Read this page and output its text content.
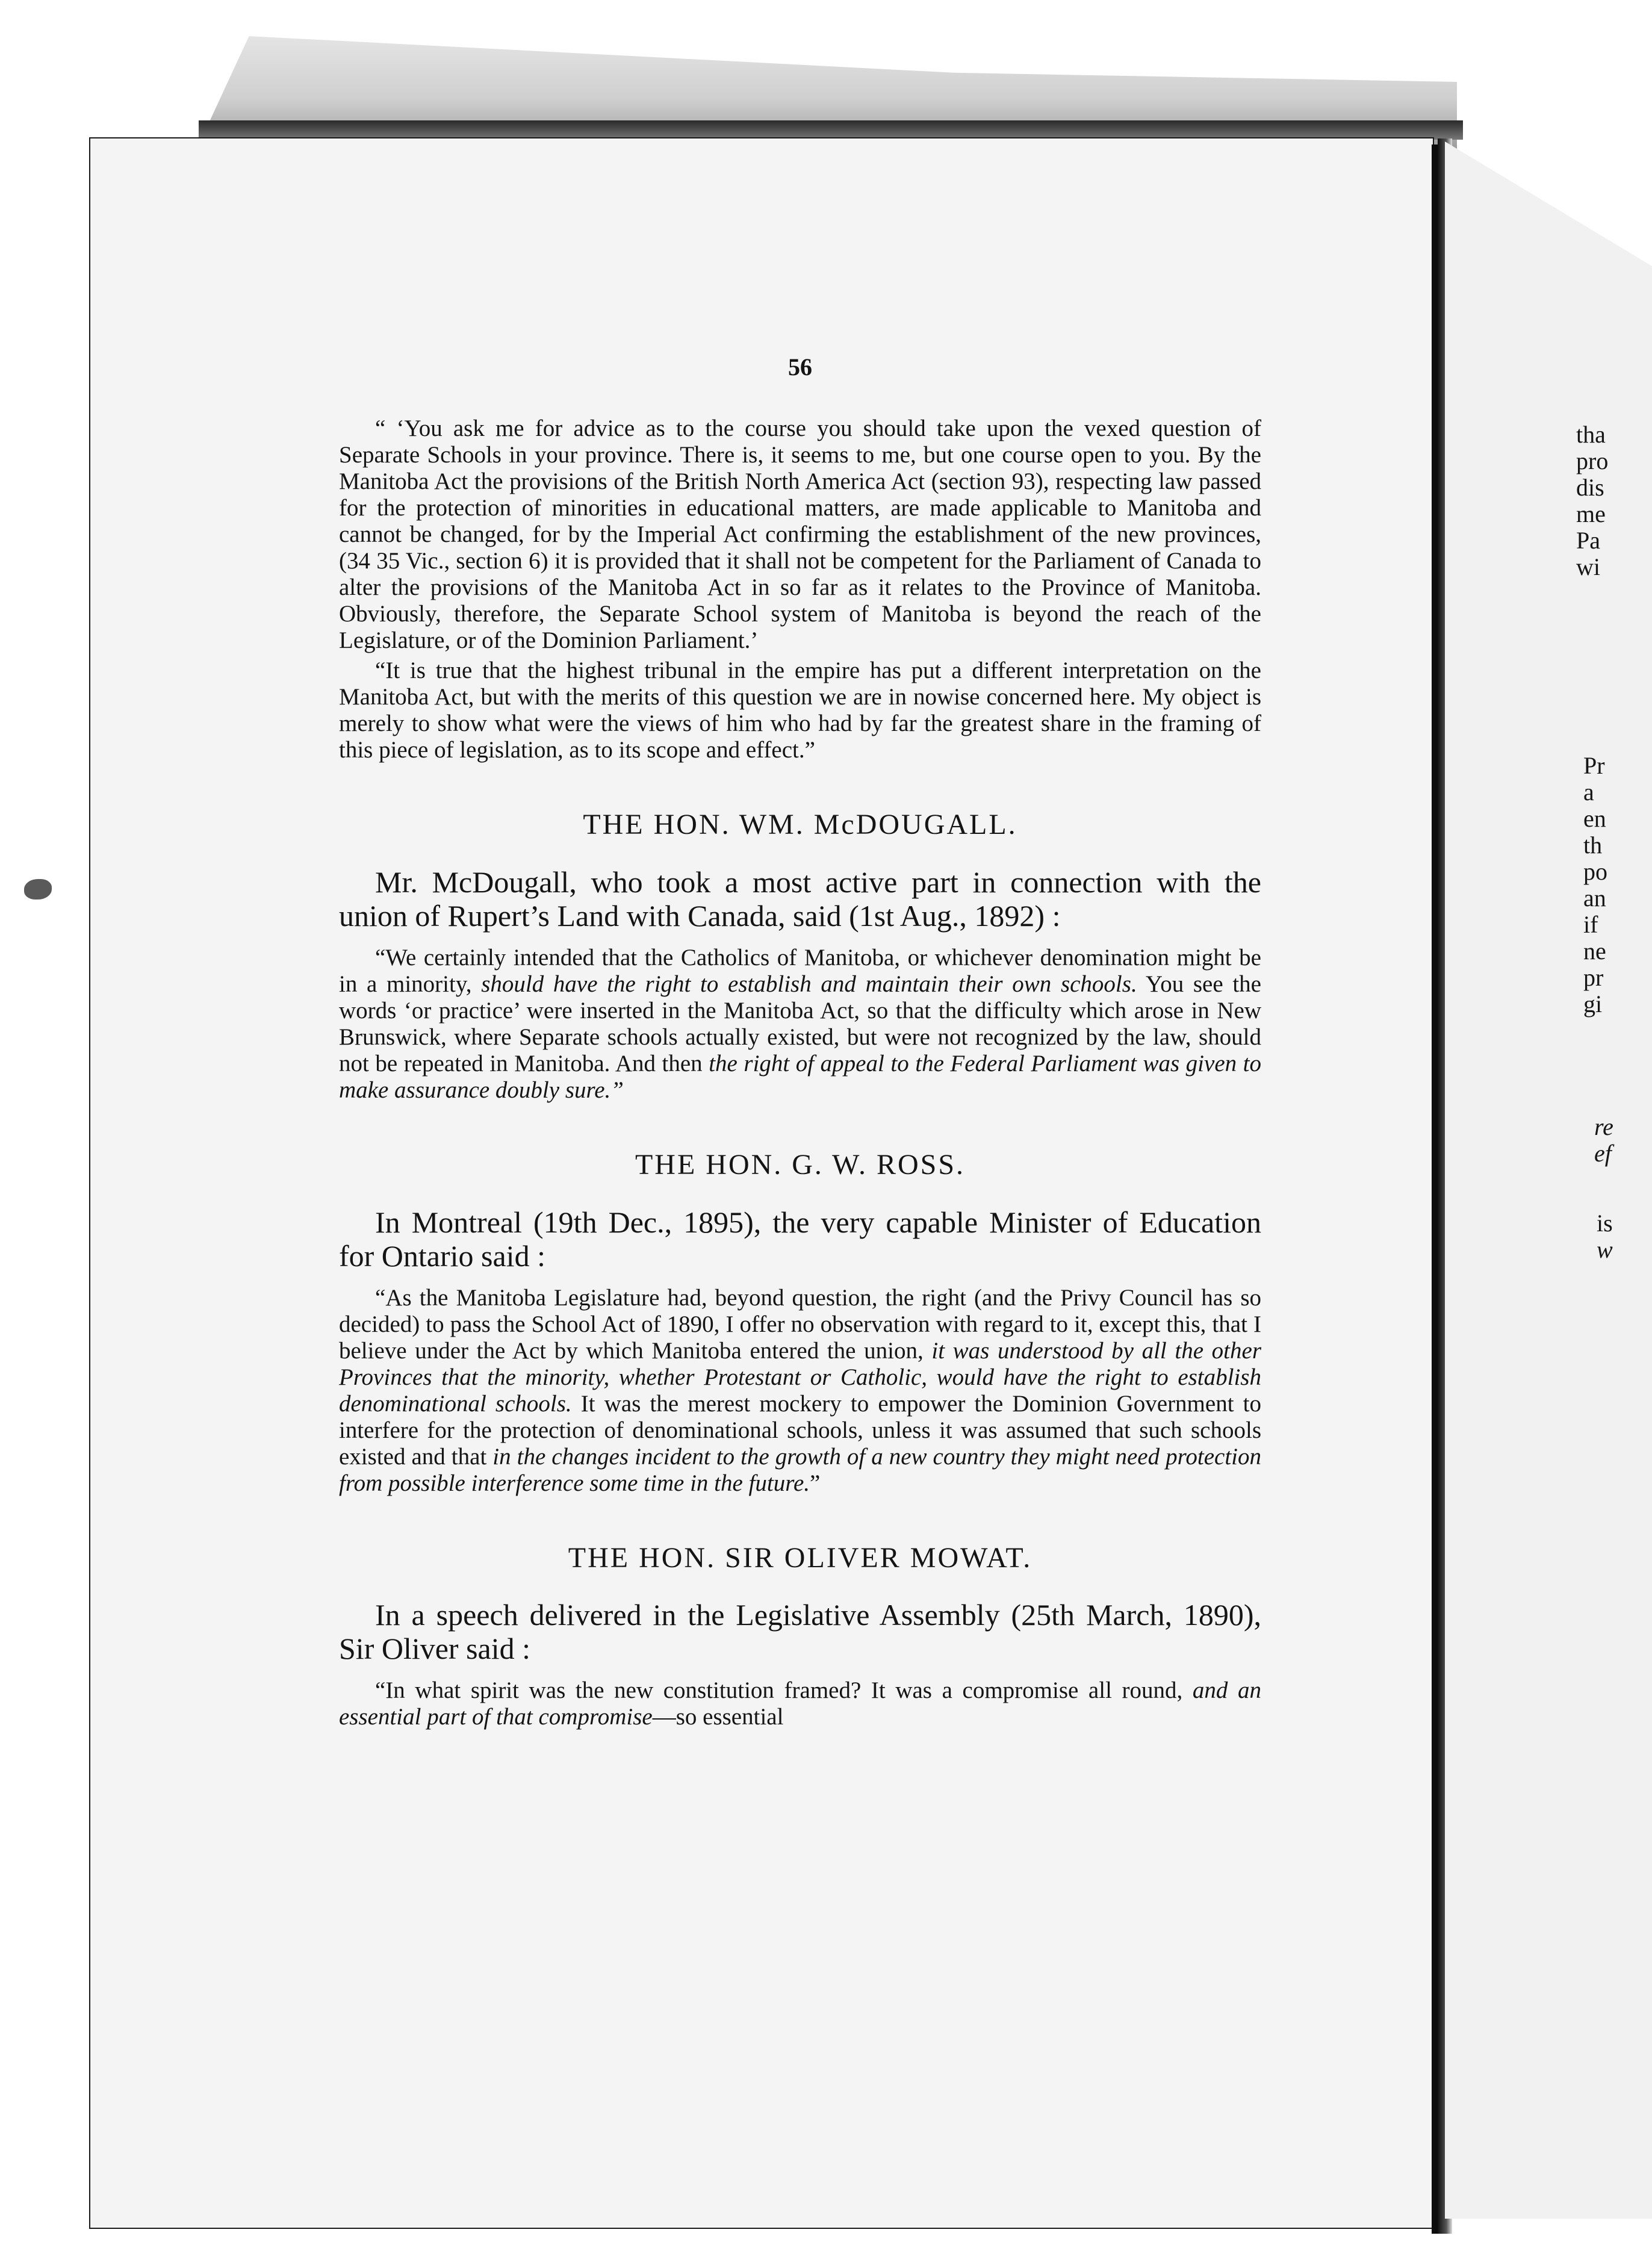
56

“ ‘You ask me for advice as to the course you should take upon the vexed question of Separate Schools in your province. There is, it seems to me, but one course open to you. By the Manitoba Act the provisions of the British North America Act (section 93), respecting law passed for the protection of minorities in educational matters, are made applicable to Manitoba and cannot be changed, for by the Imperial Act confirming the establishment of the new provinces, (34 35 Vic., section 6) it is provided that it shall not be competent for the Parliament of Canada to alter the provisions of the Manitoba Act in so far as it relates to the Province of Manitoba. Obviously, therefore, the Separate School system of Manitoba is beyond the reach of the Legislature, or of the Dominion Parliament.’

“It is true that the highest tribunal in the empire has put a different interpretation on the Manitoba Act, but with the merits of this question we are in nowise concerned here. My object is merely to show what were the views of him who had by far the greatest share in the framing of this piece of legislation, as to its scope and effect.”

THE HON. WM. McDOUGALL.

Mr. McDougall, who took a most active part in connection with the union of Rupert’s Land with Canada, said (1st Aug., 1892) :

“We certainly intended that the Catholics of Manitoba, or whichever denomination might be in a minority, should have the right to establish and maintain their own schools. You see the words ‘or practice’ were inserted in the Manitoba Act, so that the difficulty which arose in New Brunswick, where Separate schools actually existed, but were not recognized by the law, should not be repeated in Manitoba. And then the right of appeal to the Federal Parliament was given to make assurance doubly sure.”

THE HON. G. W. ROSS.

In Montreal (19th Dec., 1895), the very capable Minister of Education for Ontario said :

“As the Manitoba Legislature had, beyond question, the right (and the Privy Council has so decided) to pass the School Act of 1890, I offer no observation with regard to it, except this, that I believe under the Act by which Manitoba entered the union, it was understood by all the other Provinces that the minority, whether Protestant or Catholic, would have the right to establish denominational schools. It was the merest mockery to empower the Dominion Government to interfere for the protection of denominational schools, unless it was assumed that such schools existed and that in the changes incident to the growth of a new country they might need protection from possible interference some time in the future.”

THE HON. SIR OLIVER MOWAT.

In a speech delivered in the Legislative Assembly (25th March, 1890), Sir Oliver said :

“In what spirit was the new constitution framed? It was a compromise all round, and an essential part of that compromise—so essential

tha
pro
dis
me
Pa
wi
Pr
a
en
th
po
an
if
ne
pr
gi
re
ef
is
w
